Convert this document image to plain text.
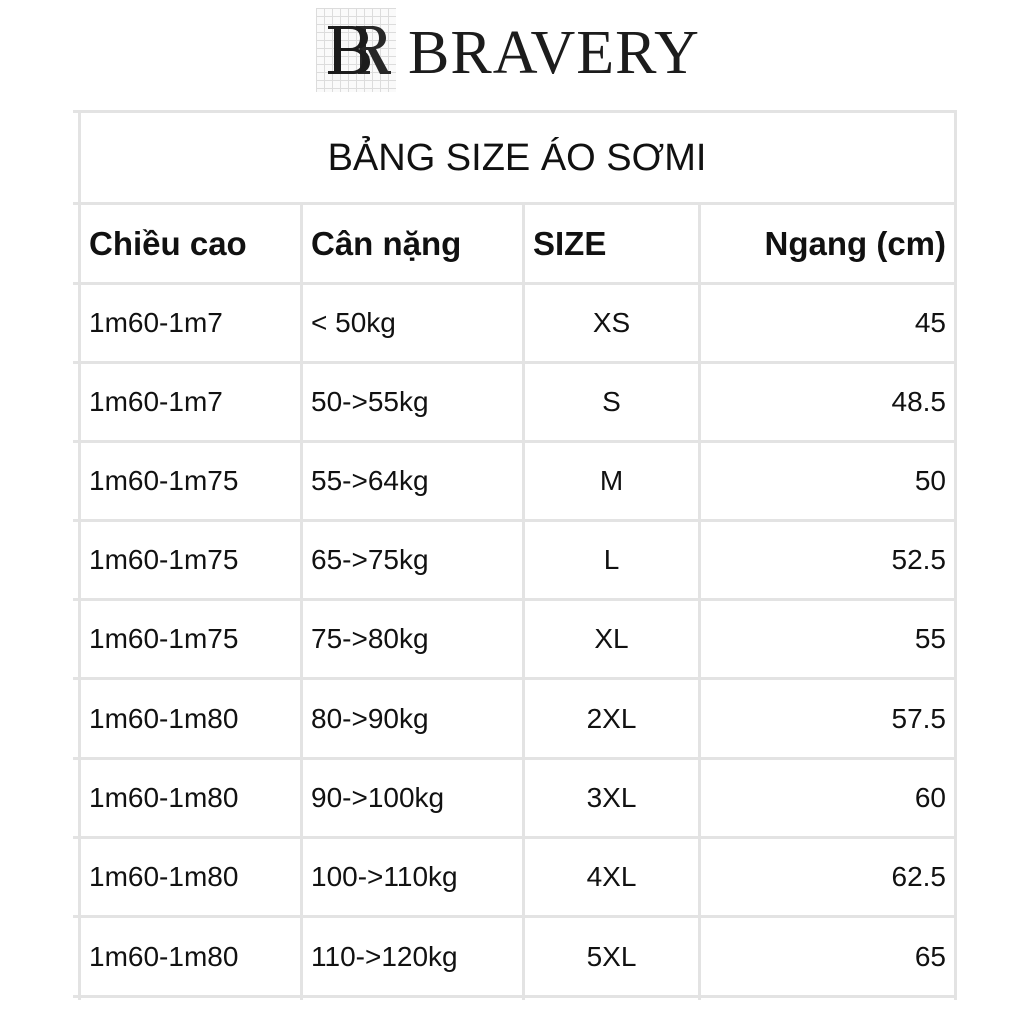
BRAVERY
BẢNG SIZE ÁO SƠMI
Chiều cao	Cân nặng	SIZE	Ngang (cm)
1m60-1m7	< 50kg	XS	45
1m60-1m7	50->55kg	S	48.5
1m60-1m75	55->64kg	M	50
1m60-1m75	65->75kg	L	52.5
1m60-1m75	75->80kg	XL	55
1m60-1m80	80->90kg	2XL	57.5
1m60-1m80	90->100kg	3XL	60
1m60-1m80	100->110kg	4XL	62.5
1m60-1m80	110->120kg	5XL	65
